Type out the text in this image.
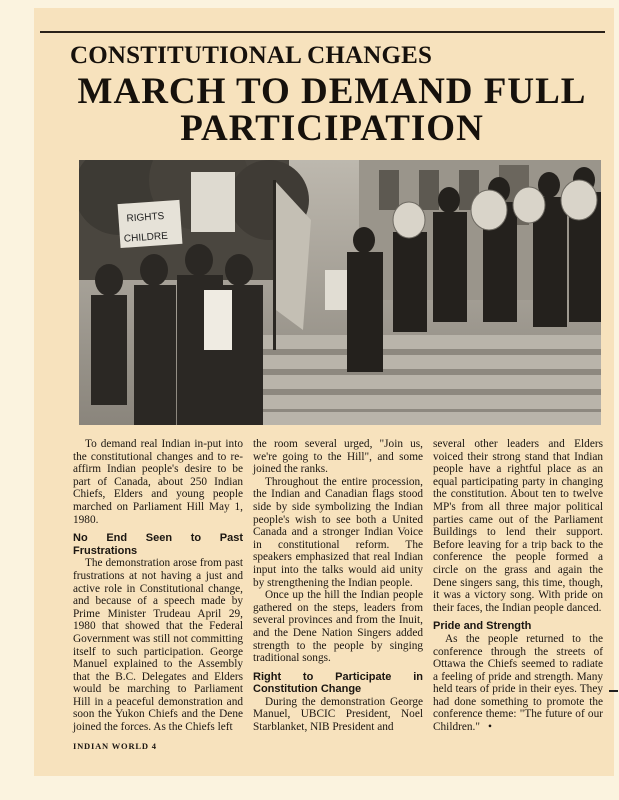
CONSTITUTIONAL CHANGES
MARCH TO DEMAND FULL
PARTICIPATION
RIGHTS
CHILDRE

To demand real Indian in-put into the constitutional changes and to re-affirm Indian people's desire to be part of Canada, about 250 Indian Chiefs, Elders and young people marched on Parliament Hill May 1, 1980.

No End Seen to Past Frustrations

The demonstration arose from past frustrations at not having a just and active role in Constitutional change, and because of a speech made by Prime Minister Trudeau April 29, 1980 that showed that the Federal Government was still not committing itself to such participation. George Manuel explained to the Assembly that the B.C. Delegates and Elders would be marching to Parliament Hill in a peaceful demonstration and soon the Yukon Chiefs and the Dene joined the forces. As the Chiefs left

the room several urged, "Join us, we're going to the Hill", and some joined the ranks.

Throughout the entire procession, the Indian and Canadian flags stood side by side symbolizing the Indian people's wish to see both a United Canada and a stronger Indian Voice in constitutional reform. The speakers emphasized that real Indian input into the talks would aid unity by strengthening the Indian people.

Once up the hill the Indian people gathered on the steps, leaders from several provinces and from the Inuit, and the Dene Nation Singers added strength to the people by singing traditional songs.

Right to Participate in Constitution Change

During the demonstration George Manuel, UBCIC President, Noel Starblanket, NIB President and

several other leaders and Elders voiced their strong stand that Indian people have a rightful place as an equal participating party in changing the constitution. About ten to twelve MP's from all three major political parties came out of the Parliament Buildings to lend their support. Before leaving for a trip back to the conference the people formed a circle on the grass and again the Dene singers sang, this time, though, it was a victory song. With pride on their faces, the Indian people danced.

Pride and Strength

As the people returned to the conference through the streets of Ottawa the Chiefs seemed to radiate a feeling of pride and strength. Many held tears of pride in their eyes. They had done something to promote the conference theme: "The future of our Children." •

INDIAN WORLD 4
